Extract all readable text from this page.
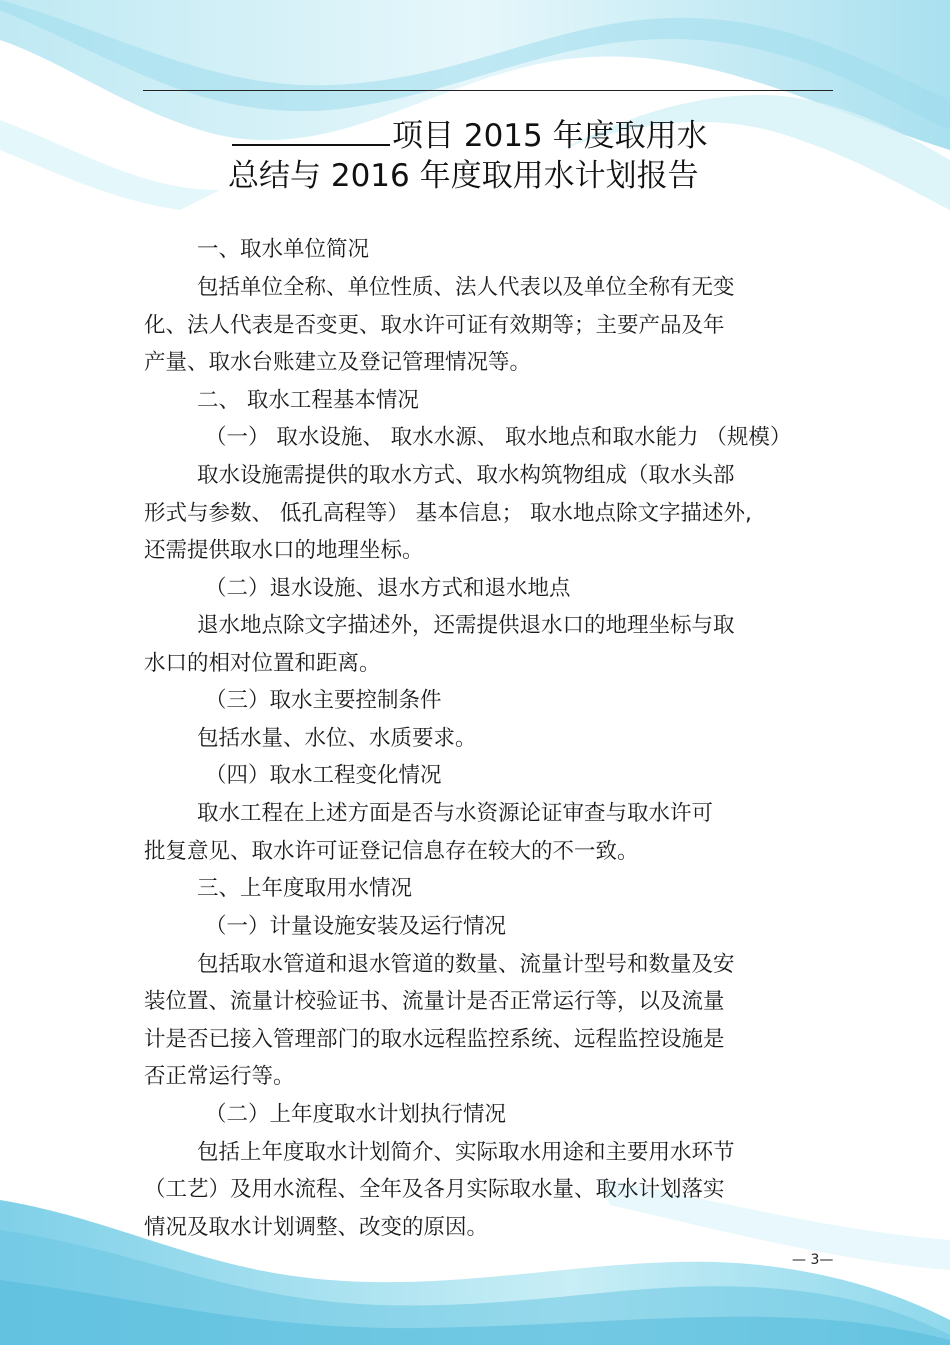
项目 2015 年度取用水
总结与 2016 年度取用水计划报告
一、取水单位简况
包括单位全称、单位性质、法人代表以及单位全称有无变
化、法人代表是否变更、取水许可证有效期等；主要产品及年
产量、取水台账建立及登记管理情况等。
二、 取水工程基本情况
（一） 取水设施、 取水水源、 取水地点和取水能力 （规模）
取水设施需提供的取水方式、取水构筑物组成（取水头部
形式与参数、 低孔高程等） 基本信息； 取水地点除文字描述外,
还需提供取水口的地理坐标。
（二）退水设施、退水方式和退水地点
退水地点除文字描述外，还需提供退水口的地理坐标与取
水口的相对位置和距离。
（三）取水主要控制条件
包括水量、水位、水质要求。
（四）取水工程变化情况
取水工程在上述方面是否与水资源论证审查与取水许可
批复意见、取水许可证登记信息存在较大的不一致。
三、上年度取用水情况
（一）计量设施安装及运行情况
包括取水管道和退水管道的数量、流量计型号和数量及安
装位置、流量计校验证书、流量计是否正常运行等，以及流量
计是否已接入管理部门的取水远程监控系统、远程监控设施是
否正常运行等。
（二）上年度取水计划执行情况
包括上年度取水计划简介、实际取水用途和主要用水环节
（工艺）及用水流程、全年及各月实际取水量、取水计划落实
情况及取水计划调整、改变的原因。
— 3—
